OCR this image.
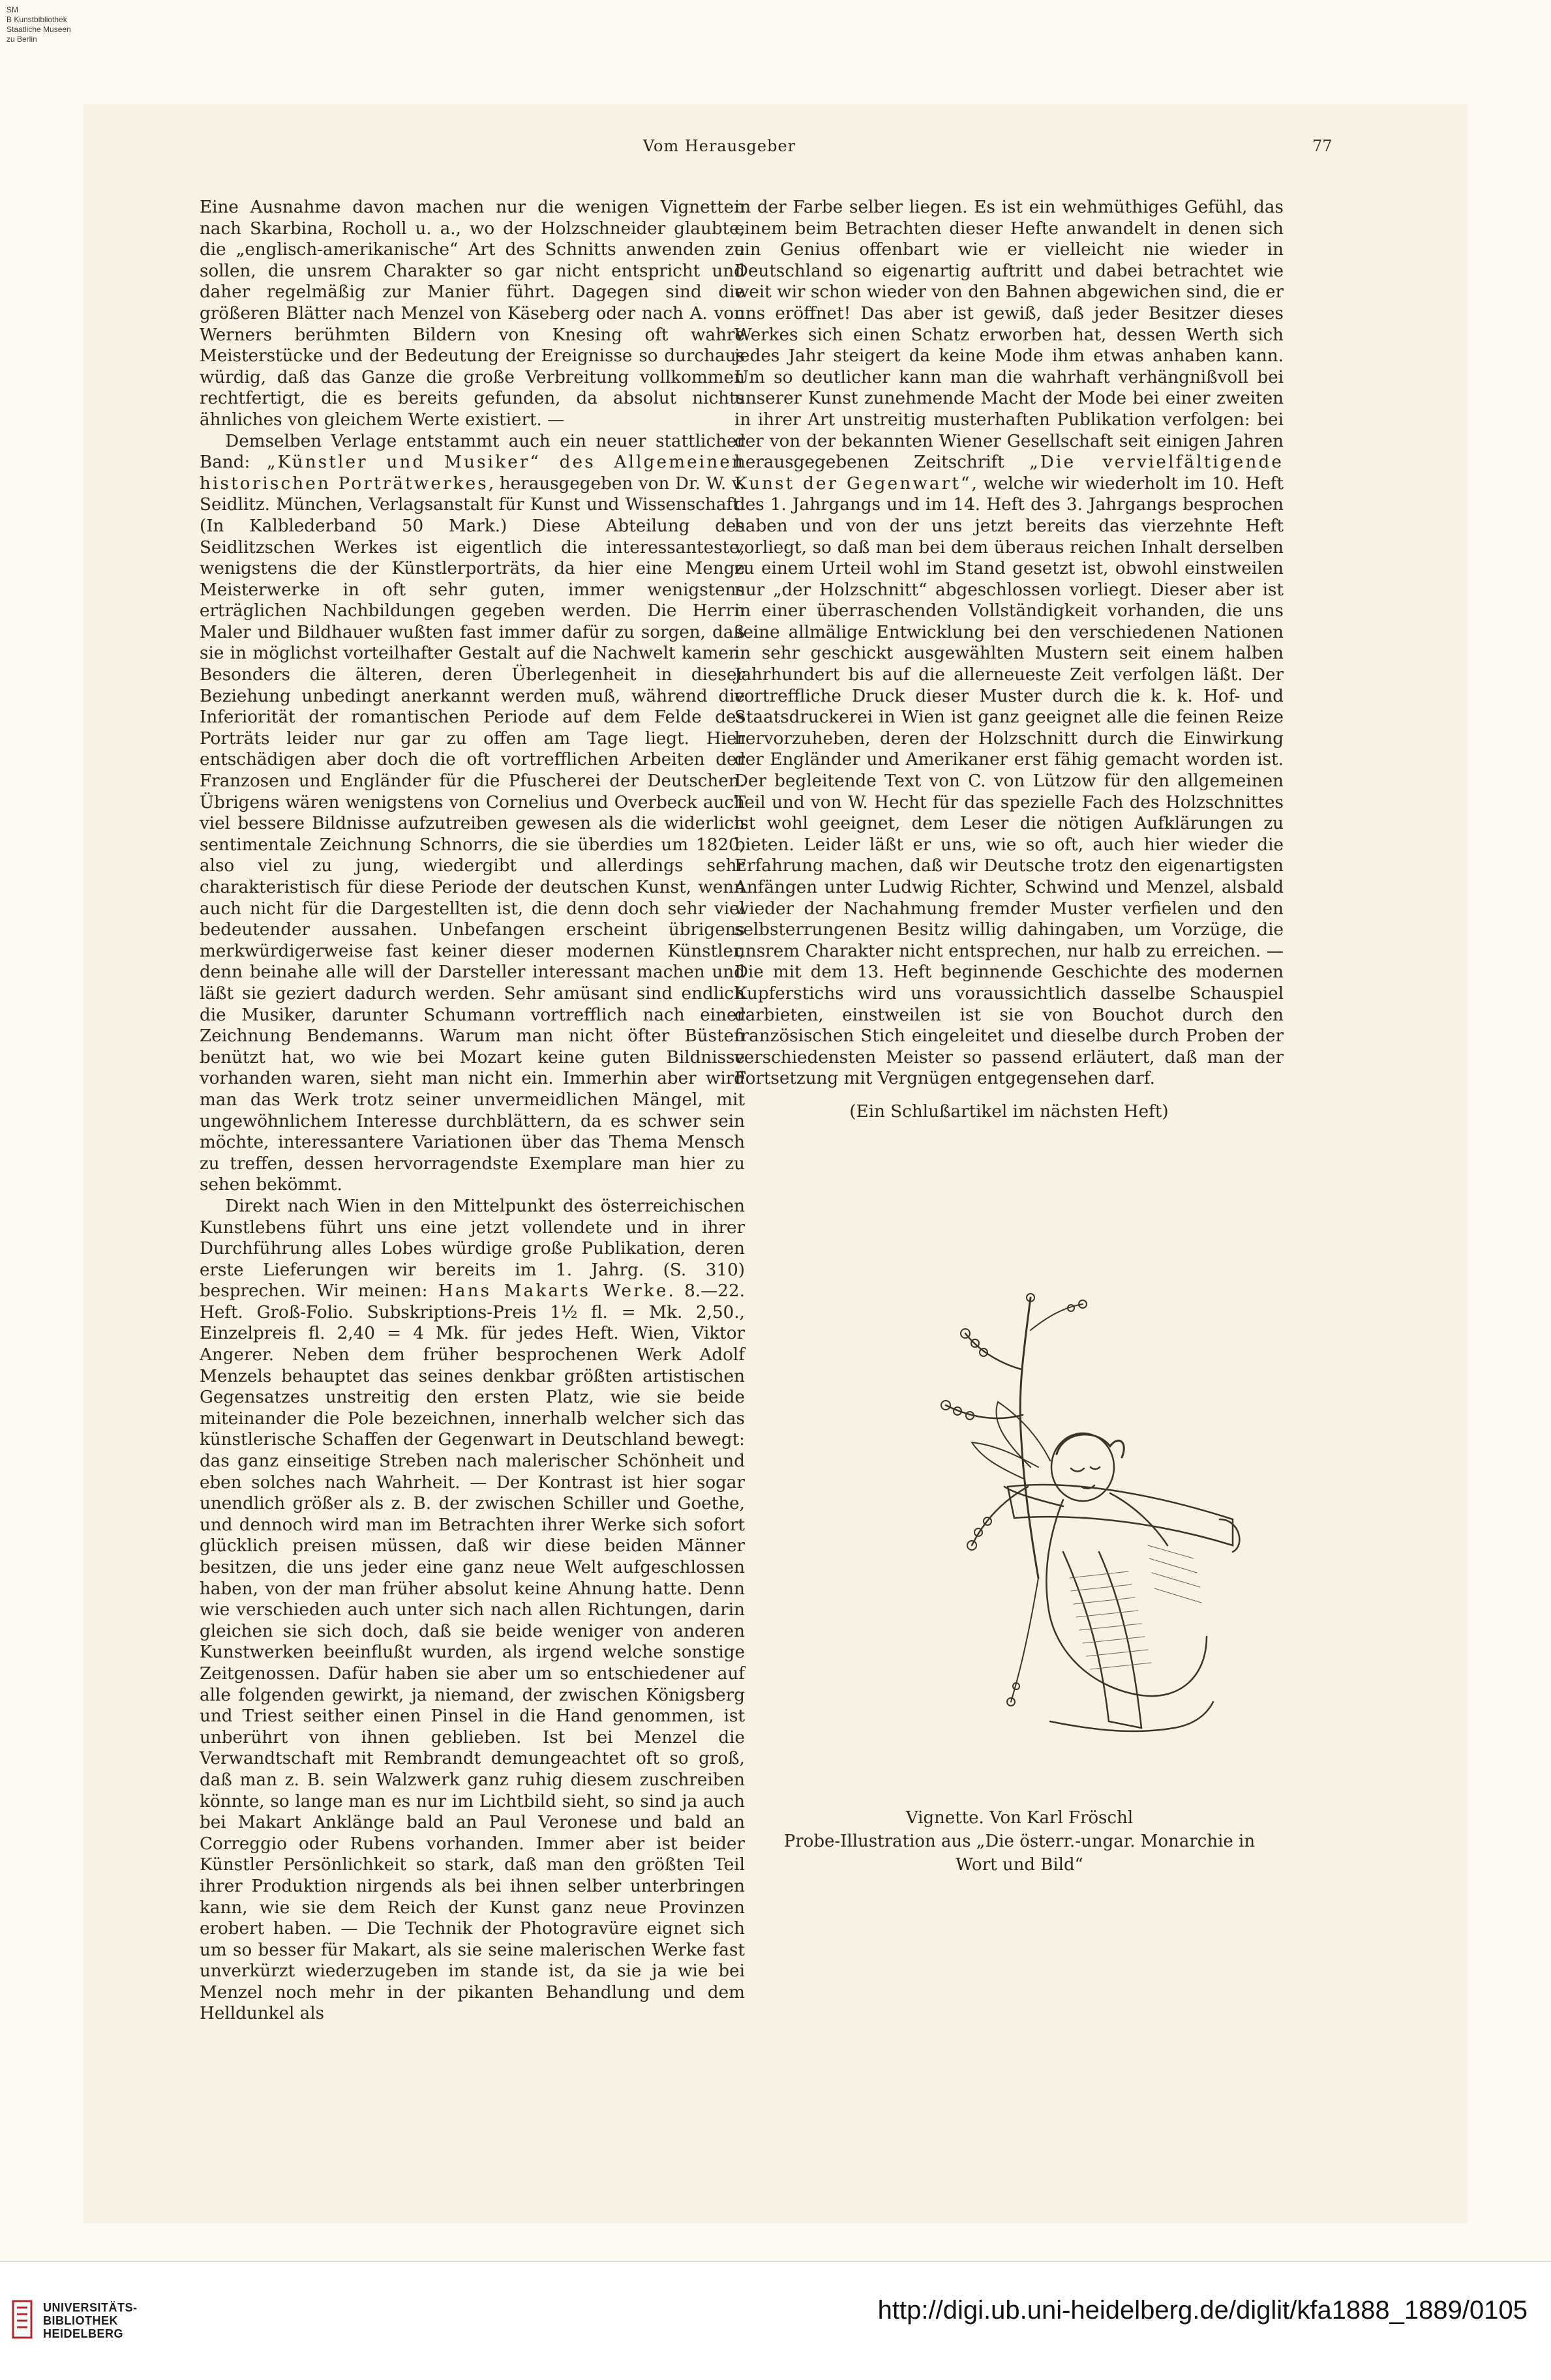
SM
B Kunstbibliothek
Staatliche Museen
zu Berlin
Vom Herausgeber	77

Eine Ausnahme davon machen nur die wenigen Vignetten nach Skarbina, Rocholl u. a., wo der Holzschneider glaubte, die „englisch-amerikanische“ Art des Schnitts anwenden zu sollen, die unsrem Charakter so gar nicht entspricht und daher regelmäßig zur Manier führt. Dagegen sind die größeren Blätter nach Menzel von Käseberg oder nach A. von Werners berühmten Bildern von Knesing oft wahre Meisterstücke und der Bedeutung der Ereignisse so durchaus würdig, daß das Ganze die große Verbreitung vollkommen rechtfertigt, die es bereits gefunden, da absolut nichts ähnliches von gleichem Werte existiert. —

Demselben Verlage entstammt auch ein neuer stattlicher Band: „Künstler und Musiker“ des Allgemeinen historischen Porträtwerkes, herausgegeben von Dr. W. v. Seidlitz. München, Verlagsanstalt für Kunst und Wissenschaft. (In Kalblederband 50 Mark.) Diese Abteilung des Seidlitzschen Werkes ist eigentlich die interessanteste, wenigstens die der Künstlerporträts, da hier eine Menge Meisterwerke in oft sehr guten, immer wenigstens erträglichen Nachbildungen gegeben werden. Die Herrn Maler und Bildhauer wußten fast immer dafür zu sorgen, daß sie in möglichst vorteilhafter Gestalt auf die Nachwelt kamen. Besonders die älteren, deren Überlegenheit in dieser Beziehung unbedingt anerkannt werden muß, während die Inferiorität der romantischen Periode auf dem Felde des Porträts leider nur gar zu offen am Tage liegt. Hier entschädigen aber doch die oft vortrefflichen Arbeiten der Franzosen und Engländer für die Pfuscherei der Deutschen. Übrigens wären wenigstens von Cornelius und Overbeck auch viel bessere Bildnisse aufzutreiben gewesen als die widerlich sentimentale Zeichnung Schnorrs, die sie überdies um 1820, also viel zu jung, wiedergibt und allerdings sehr charakteristisch für diese Periode der deutschen Kunst, wenn auch nicht für die Dargestellten ist, die denn doch sehr viel bedeutender aussahen. Unbefangen erscheint übrigens merkwürdigerweise fast keiner dieser modernen Künstler, denn beinahe alle will der Darsteller interessant machen und läßt sie geziert dadurch werden. Sehr amüsant sind endlich die Musiker, darunter Schumann vortrefflich nach einer Zeichnung Bendemanns. Warum man nicht öfter Büsten benützt hat, wo wie bei Mozart keine guten Bildnisse vorhanden waren, sieht man nicht ein. Immerhin aber wird man das Werk trotz seiner unvermeidlichen Mängel, mit ungewöhnlichem Interesse durchblättern, da es schwer sein möchte, interessantere Variationen über das Thema Mensch zu treffen, dessen hervorragendste Exemplare man hier zu sehen bekömmt.

Direkt nach Wien in den Mittelpunkt des österreichischen Kunstlebens führt uns eine jetzt vollendete und in ihrer Durchführung alles Lobes würdige große Publikation, deren erste Lieferungen wir bereits im 1. Jahrg. (S. 310) besprechen. Wir meinen: Hans Makarts Werke. 8.—22. Heft. Groß-Folio. Subskriptions-Preis 1½ fl. = Mk. 2,50., Einzelpreis fl. 2,40 = 4 Mk. für jedes Heft. Wien, Viktor Angerer. Neben dem früher besprochenen Werk Adolf Menzels behauptet das seines denkbar größten artistischen Gegensatzes unstreitig den ersten Platz, wie sie beide miteinander die Pole bezeichnen, innerhalb welcher sich das künstlerische Schaffen der Gegenwart in Deutschland bewegt: das ganz einseitige Streben nach malerischer Schönheit und eben solches nach Wahrheit. — Der Kontrast ist hier sogar unendlich größer als z. B. der zwischen Schiller und Goethe, und dennoch wird man im Betrachten ihrer Werke sich sofort glücklich preisen müssen, daß wir diese beiden Männer besitzen, die uns jeder eine ganz neue Welt aufgeschlossen haben, von der man früher absolut keine Ahnung hatte. Denn wie verschieden auch unter sich nach allen Richtungen, darin gleichen sie sich doch, daß sie beide weniger von anderen Kunstwerken beeinflußt wurden, als irgend welche sonstige Zeitgenossen. Dafür haben sie aber um so entschiedener auf alle folgenden gewirkt, ja niemand, der zwischen Königsberg und Triest seither einen Pinsel in die Hand genommen, ist unberührt von ihnen geblieben. Ist bei Menzel die Verwandtschaft mit Rembrandt demungeachtet oft so groß, daß man z. B. sein Walzwerk ganz ruhig diesem zuschreiben könnte, so lange man es nur im Lichtbild sieht, so sind ja auch bei Makart Anklänge bald an Paul Veronese und bald an Correggio oder Rubens vorhanden. Immer aber ist beider Künstler Persönlichkeit so stark, daß man den größten Teil ihrer Produktion nirgends als bei ihnen selber unterbringen kann, wie sie dem Reich der Kunst ganz neue Provinzen erobert haben. — Die Technik der Photogravüre eignet sich um so besser für Makart, als sie seine malerischen Werke fast unverkürzt wiederzugeben im stande ist, da sie ja wie bei Menzel noch mehr in der pikanten Behandlung und dem Helldunkel als

in der Farbe selber liegen. Es ist ein wehmüthiges Gefühl, das einem beim Betrachten dieser Hefte anwandelt in denen sich ein Genius offenbart wie er vielleicht nie wieder in Deutschland so eigenartig auftritt und dabei betrachtet wie weit wir schon wieder von den Bahnen abgewichen sind, die er uns eröffnet! Das aber ist gewiß, daß jeder Besitzer dieses Werkes sich einen Schatz erworben hat, dessen Werth sich jedes Jahr steigert da keine Mode ihm etwas anhaben kann. Um so deutlicher kann man die wahrhaft verhängnißvoll bei unserer Kunst zunehmende Macht der Mode bei einer zweiten in ihrer Art unstreitig musterhaften Publikation verfolgen: bei der von der bekannten Wiener Gesellschaft seit einigen Jahren herausgegebenen Zeitschrift „Die vervielfältigende Kunst der Gegenwart“, welche wir wiederholt im 10. Heft des 1. Jahrgangs und im 14. Heft des 3. Jahrgangs besprochen haben und von der uns jetzt bereits das vierzehnte Heft vorliegt, so daß man bei dem überaus reichen Inhalt derselben zu einem Urteil wohl im Stand gesetzt ist, obwohl einstweilen nur „der Holzschnitt“ abgeschlossen vorliegt. Dieser aber ist in einer überraschenden Vollständigkeit vorhanden, die uns seine allmälige Entwicklung bei den verschiedenen Nationen in sehr geschickt ausgewählten Mustern seit einem halben Jahrhundert bis auf die allerneueste Zeit verfolgen läßt. Der vortreffliche Druck dieser Muster durch die k. k. Hof- und Staatsdruckerei in Wien ist ganz geeignet alle die feinen Reize hervorzuheben, deren der Holzschnitt durch die Einwirkung der Engländer und Amerikaner erst fähig gemacht worden ist. Der begleitende Text von C. von Lützow für den allgemeinen Teil und von W. Hecht für das spezielle Fach des Holzschnittes ist wohl geeignet, dem Leser die nötigen Aufklärungen zu bieten. Leider läßt er uns, wie so oft, auch hier wieder die Erfahrung machen, daß wir Deutsche trotz den eigenartigsten Anfängen unter Ludwig Richter, Schwind und Menzel, alsbald wieder der Nachahmung fremder Muster verfielen und den selbsterrungenen Besitz willig dahingaben, um Vorzüge, die unsrem Charakter nicht entsprechen, nur halb zu erreichen. — Die mit dem 13. Heft beginnende Geschichte des modernen Kupferstichs wird uns voraussichtlich dasselbe Schauspiel darbieten, einstweilen ist sie von Bouchot durch den französischen Stich eingeleitet und dieselbe durch Proben der verschiedensten Meister so passend erläutert, daß man der Fortsetzung mit Vergnügen entgegensehen darf.

(Ein Schlußartikel im nächsten Heft)

Vignette. Von Karl Fröschl
Probe-Illustration aus „Die österr.-ungar. Monarchie in
Wort und Bild“
UNIVERSITÄTS-
BIBLIOTHEK
HEIDELBERG
http://digi.ub.uni-heidelberg.de/diglit/kfa1888_1889/0105
